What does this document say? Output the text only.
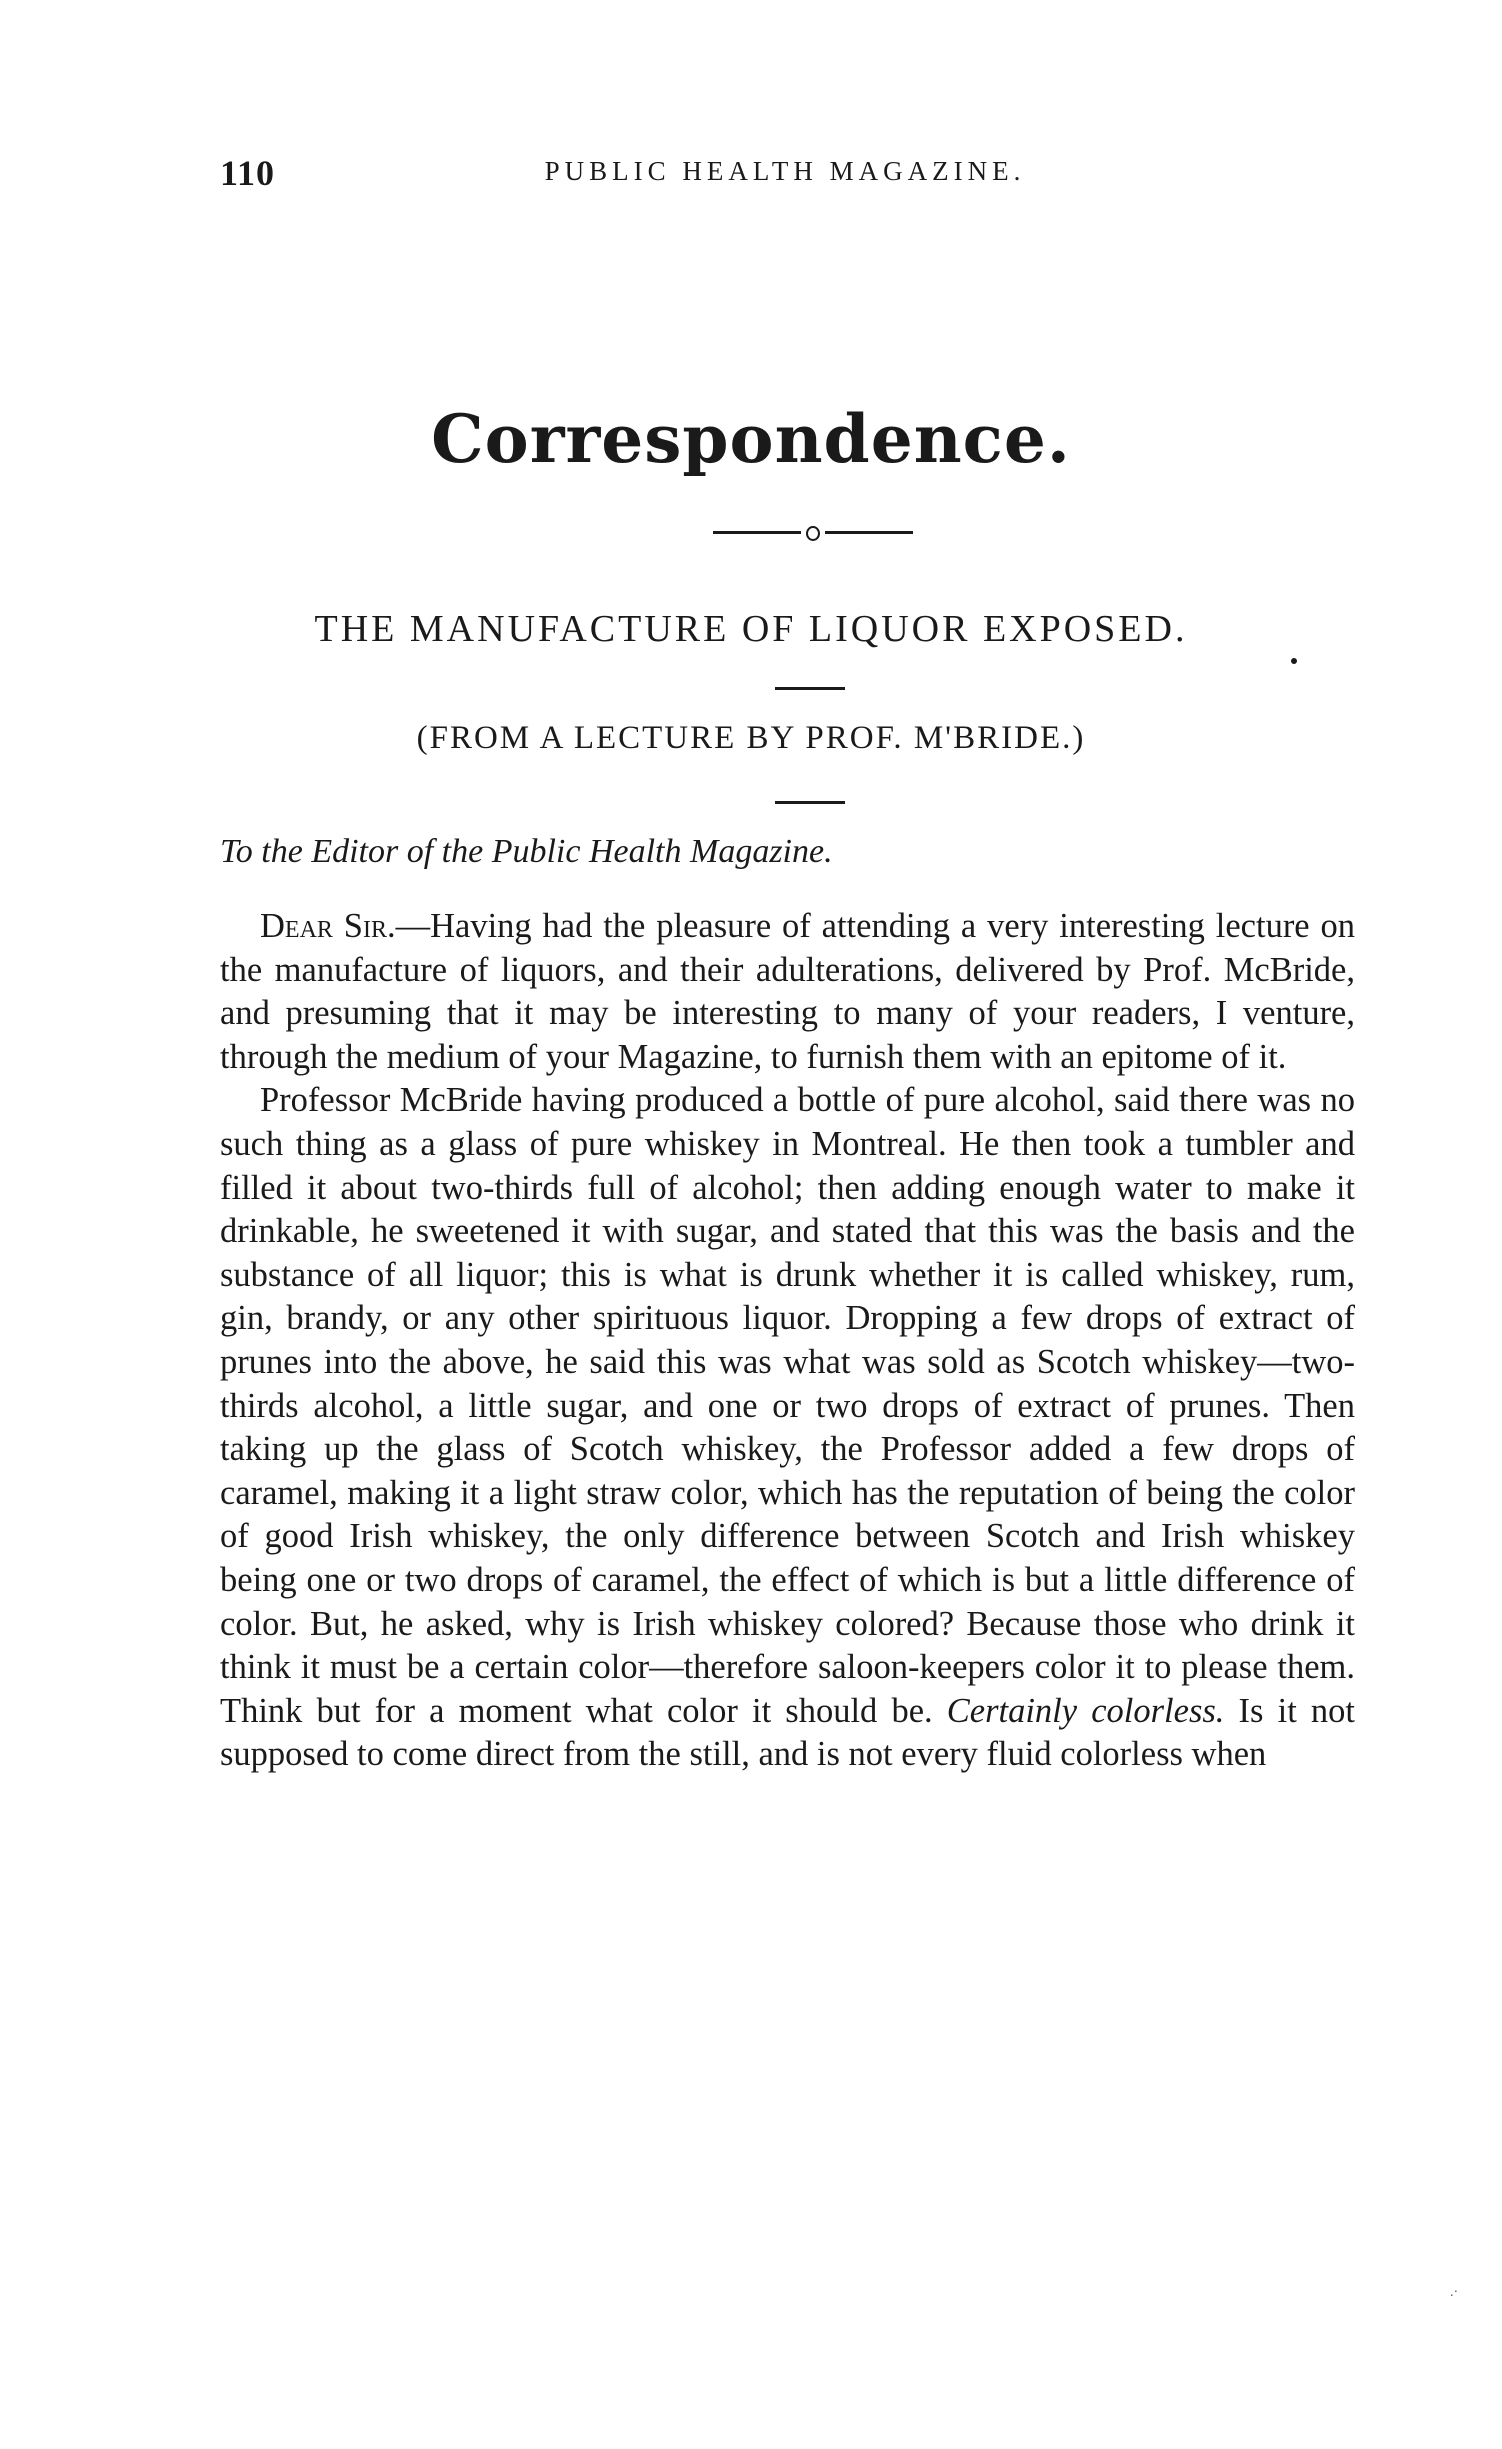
110	PUBLIC HEALTH MAGAZINE.
Correspondence.
THE MANUFACTURE OF LIQUOR EXPOSED.
(FROM A LECTURE BY PROF. M'BRIDE.)
To the Editor of the Public Health Magazine.

Dear Sir.—Having had the pleasure of attending a very interesting lecture on the manufacture of liquors, and their adulterations, delivered by Prof. McBride, and presuming that it may be interesting to many of your readers, I venture, through the medium of your Magazine, to furnish them with an epitome of it.

Professor McBride having produced a bottle of pure alcohol, said there was no such thing as a glass of pure whiskey in Montreal. He then took a tumbler and filled it about two-thirds full of alcohol; then adding enough water to make it drinkable, he sweetened it with sugar, and stated that this was the basis and the substance of all liquor; this is what is drunk whether it is called whiskey, rum, gin, brandy, or any other spirituous liquor. Dropping a few drops of extract of prunes into the above, he said this was what was sold as Scotch whiskey—two-thirds alcohol, a little sugar, and one or two drops of extract of prunes. Then taking up the glass of Scotch whiskey, the Professor added a few drops of caramel, making it a light straw color, which has the reputation of being the color of good Irish whiskey, the only difference between Scotch and Irish whiskey being one or two drops of caramel, the effect of which is but a little difference of color. But, he asked, why is Irish whiskey colored? Because those who drink it think it must be a certain color—therefore saloon-keepers color it to please them. Think but for a moment what color it should be. Certainly colorless. Is it not supposed to come direct from the still, and is not every fluid colorless when

.·
